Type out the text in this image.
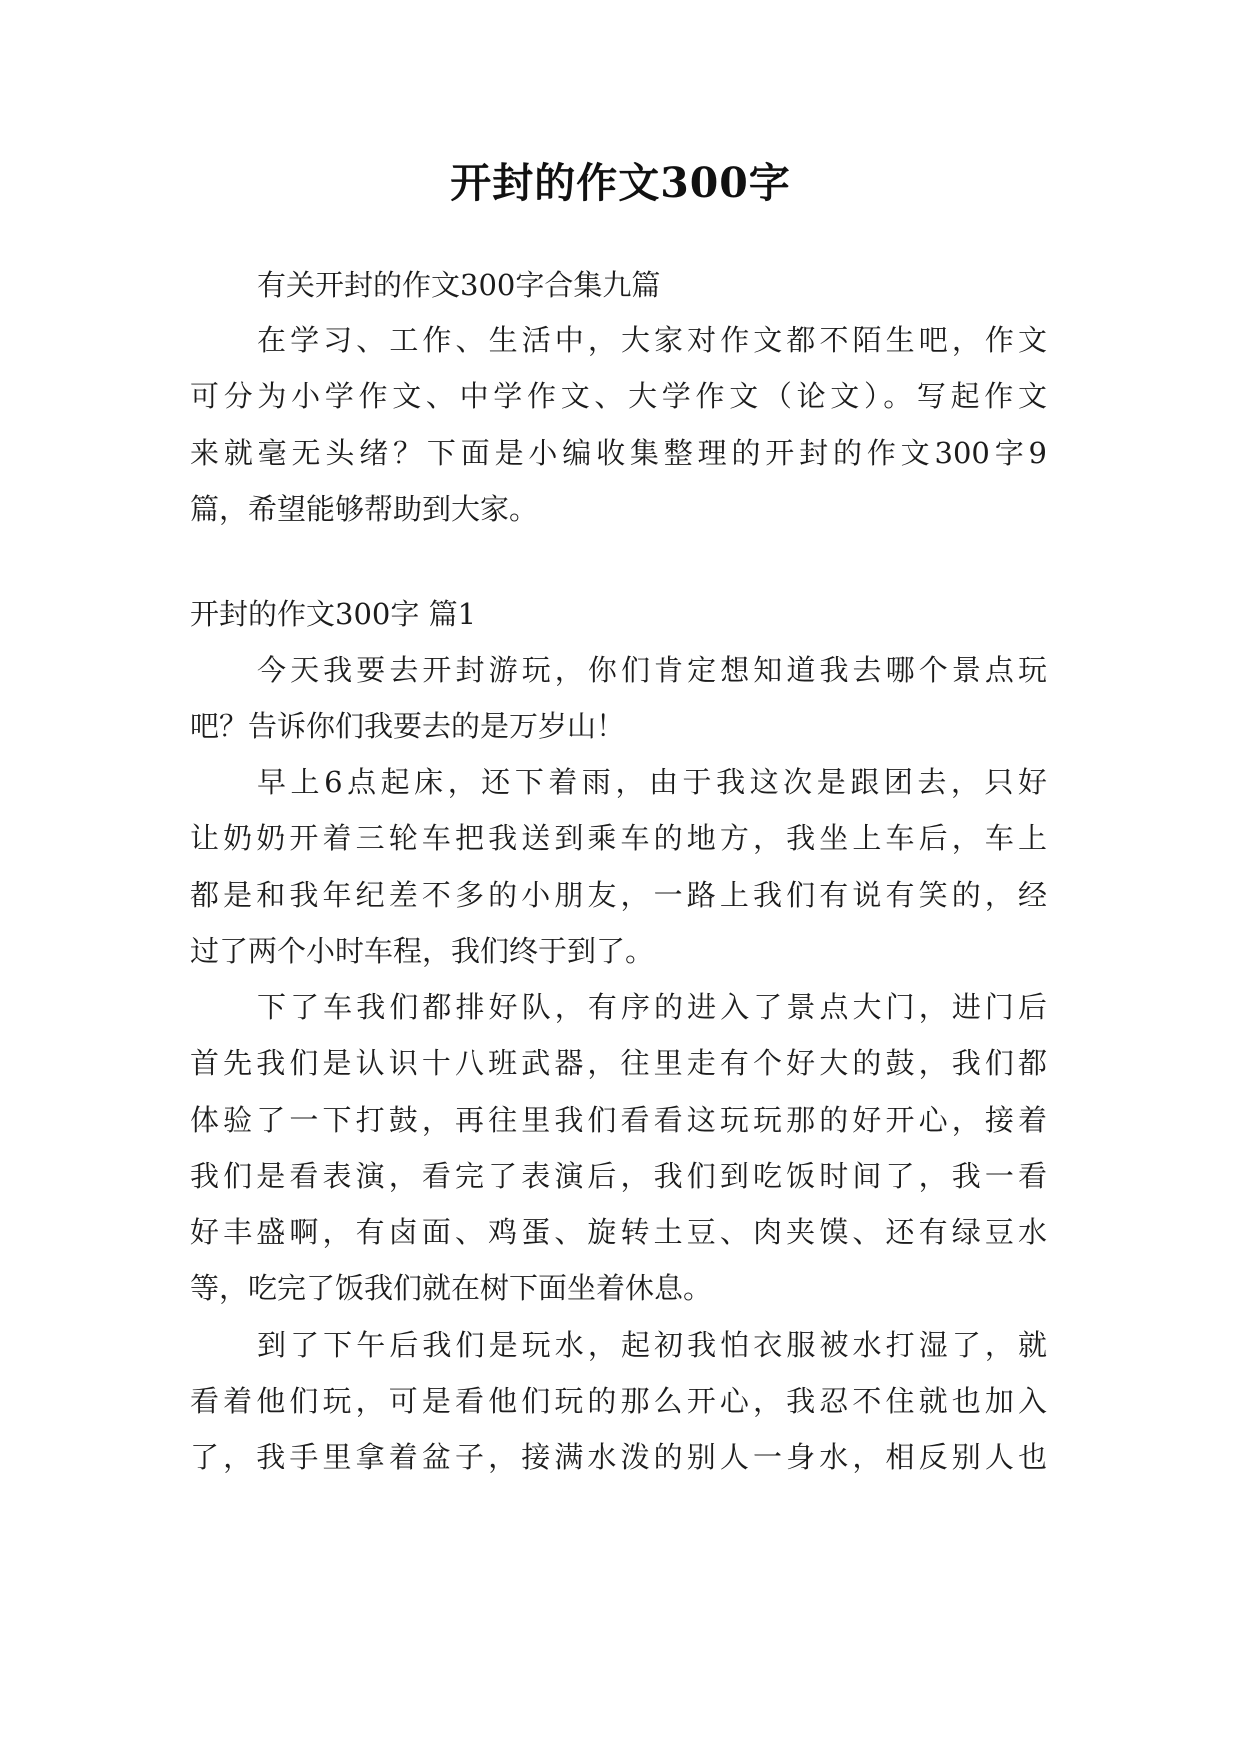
开封的作文300字
有关开封的作文300字合集九篇
在学习、工作、生活中，大家对作文都不陌生吧，作文
可分为小学作文、中学作文、大学作文（论文）。写起作文
来就毫无头绪？下面是小编收集整理的开封的作文300字9
篇，希望能够帮助到大家。
开封的作文300字 篇1
今天我要去开封游玩，你们肯定想知道我去哪个景点玩
吧？告诉你们我要去的是万岁山！
早上6点起床，还下着雨，由于我这次是跟团去，只好
让奶奶开着三轮车把我送到乘车的地方，我坐上车后，车上
都是和我年纪差不多的小朋友，一路上我们有说有笑的，经
过了两个小时车程，我们终于到了。
下了车我们都排好队，有序的进入了景点大门，进门后
首先我们是认识十八班武器，往里走有个好大的鼓，我们都
体验了一下打鼓，再往里我们看看这玩玩那的好开心，接着
我们是看表演，看完了表演后，我们到吃饭时间了，我一看
好丰盛啊，有卤面、鸡蛋、旋转土豆、肉夹馍、还有绿豆水
等，吃完了饭我们就在树下面坐着休息。
到了下午后我们是玩水，起初我怕衣服被水打湿了，就
看着他们玩，可是看他们玩的那么开心，我忍不住就也加入
了，我手里拿着盆子，接满水泼的别人一身水，相反别人也
